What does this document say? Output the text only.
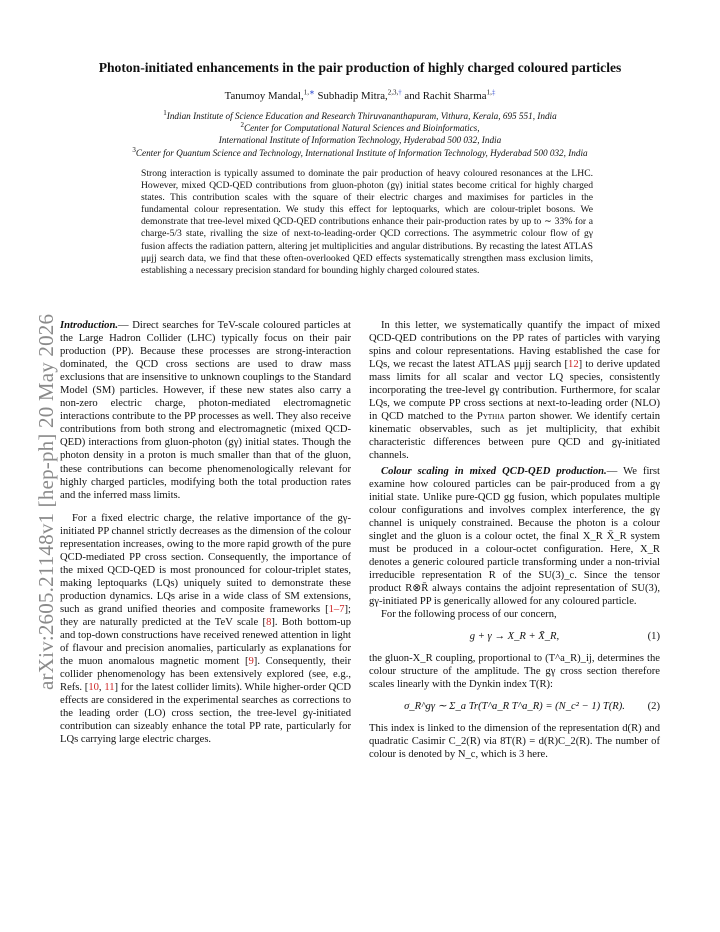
arXiv:2605.21148v1 [hep-ph] 20 May 2026
Photon-initiated enhancements in the pair production of highly charged coloured particles
Tanumoy Mandal,$^{1,∗}$ Subhadip Mitra,$^{2,3,\dagger}$ and Rachit Sharma$^{1,\ddagger}$
$^1$Indian Institute of Science Education and Research Thiruvananthapuram, Vithura, Kerala, 695 551, India
$^2$Center for Computational Natural Sciences and Bioinformatics,
International Institute of Information Technology, Hyderabad 500 032, India
$^3$Center for Quantum Science and Technology, International Institute of Information Technology, Hyderabad 500 032, India
Strong interaction is typically assumed to dominate the pair production of heavy coloured resonances at the LHC. However, mixed QCD-QED contributions from gluon-photon (gγ) initial states become critical for highly charged states. This contribution scales with the square of their electric charges and maximises for particles in the fundamental colour representation. We study this effect for leptoquarks, which are colour-triplet bosons. We demonstrate that tree-level mixed QCD-QED contributions enhance their pair-production rates by up to ∼ 33% for a charge-5/3 state, rivalling the size of next-to-leading-order QCD corrections. The asymmetric colour flow of gγ fusion affects the radiation pattern, altering jet multiplicities and angular distributions. By recasting the latest ATLAS μμjj search data, we find that these often-overlooked QED effects systematically strengthen mass exclusion limits, establishing a necessary precision standard for bounding highly charged coloured states.

Introduction.— Direct searches for TeV-scale coloured particles at the Large Hadron Collider (LHC) typically focus on their pair production (PP). Because these processes are strong-interaction dominated, the QCD cross sections are used to draw mass exclusions that are insensitive to unknown couplings to the Standard Model (SM) particles. However, if these new states also carry a non-zero electric charge, photon-mediated electromagnetic interactions contribute to the PP processes as well. They also receive contributions from both strong and electromagnetic (mixed QCD-QED) interactions from gluon-photon (gγ) initial states. Though the photon density in a proton is much smaller than that of the gluon, these contributions can become phenomenologically relevant for highly charged particles, modifying both the total production rates and the inferred mass limits.

For a fixed electric charge, the relative importance of the gγ-initiated PP channel strictly decreases as the dimension of the colour representation increases, owing to the more rapid growth of the pure QCD-mediated PP cross section. Consequently, the importance of the mixed QCD-QED is most pronounced for colour-triplet states, making leptoquarks (LQs) uniquely suited to demonstrate these production dynamics. LQs arise in a wide class of SM extensions, such as grand unified theories and composite frameworks [1–7]; they are naturally predicted at the TeV scale [8]. Both bottom-up and top-down constructions have received renewed attention in light of flavour and precision anomalies, particularly as explanations for the muon anomalous magnetic moment [9]. Consequently, their collider phenomenology has been extensively explored (see, e.g., Refs. [10, 11] for the latest collider limits). While higher-order QCD effects are considered in the experimental searches as corrections to the leading order (LO) cross section, the tree-level gγ-initiated contribution can sizeably enhance the total PP rate, particularly for LQs carrying large electric charges.

In this letter, we systematically quantify the impact of mixed QCD-QED contributions on the PP rates of particles with varying spins and colour representations. Having established the case for LQs, we recast the latest ATLAS μμjj search [12] to derive updated mass limits for all scalar and vector LQ species, consistently incorporating the tree-level gγ contribution. Furthermore, for scalar LQs, we compute PP cross sections at next-to-leading order (NLO) in QCD matched to the Pythia parton shower. We identify certain kinematic observables, such as jet multiplicity, that exhibit characteristic differences between pure QCD and gγ-initiated channels.

Colour scaling in mixed QCD-QED production.— We first examine how coloured particles can be pair-produced from a gγ initial state. Unlike pure-QCD gg fusion, which populates multiple colour configurations and involves complex interference, the gγ channel is uniquely constrained. Because the photon is a colour singlet and the gluon is a colour octet, the final X_R X̄_R system must be produced in a colour-octet configuration. Here, X_R denotes a generic coloured particle transforming under a non-trivial irreducible representation R of the SU(3)_c. Since the tensor product R⊗R̄ always contains the adjoint representation of SU(3), gγ-initiated PP is generically allowed for any coloured particle.

For the following process of our concern,

g + γ → X_R + X̄_R,	(1)

the gluon-X_R coupling, proportional to (T^a_R)_ij, determines the colour structure of the amplitude. The gγ cross section therefore scales linearly with the Dynkin index T(R):

σ_R^gγ ∼ Σ_a Tr(T^a_R T^a_R) = (N_c² − 1) T(R). (2)

This index is linked to the dimension of the representation d(R) and quadratic Casimir C_2(R) via 8T(R) = d(R)C_2(R). The number of colour is denoted by N_c, which is 3 here.
